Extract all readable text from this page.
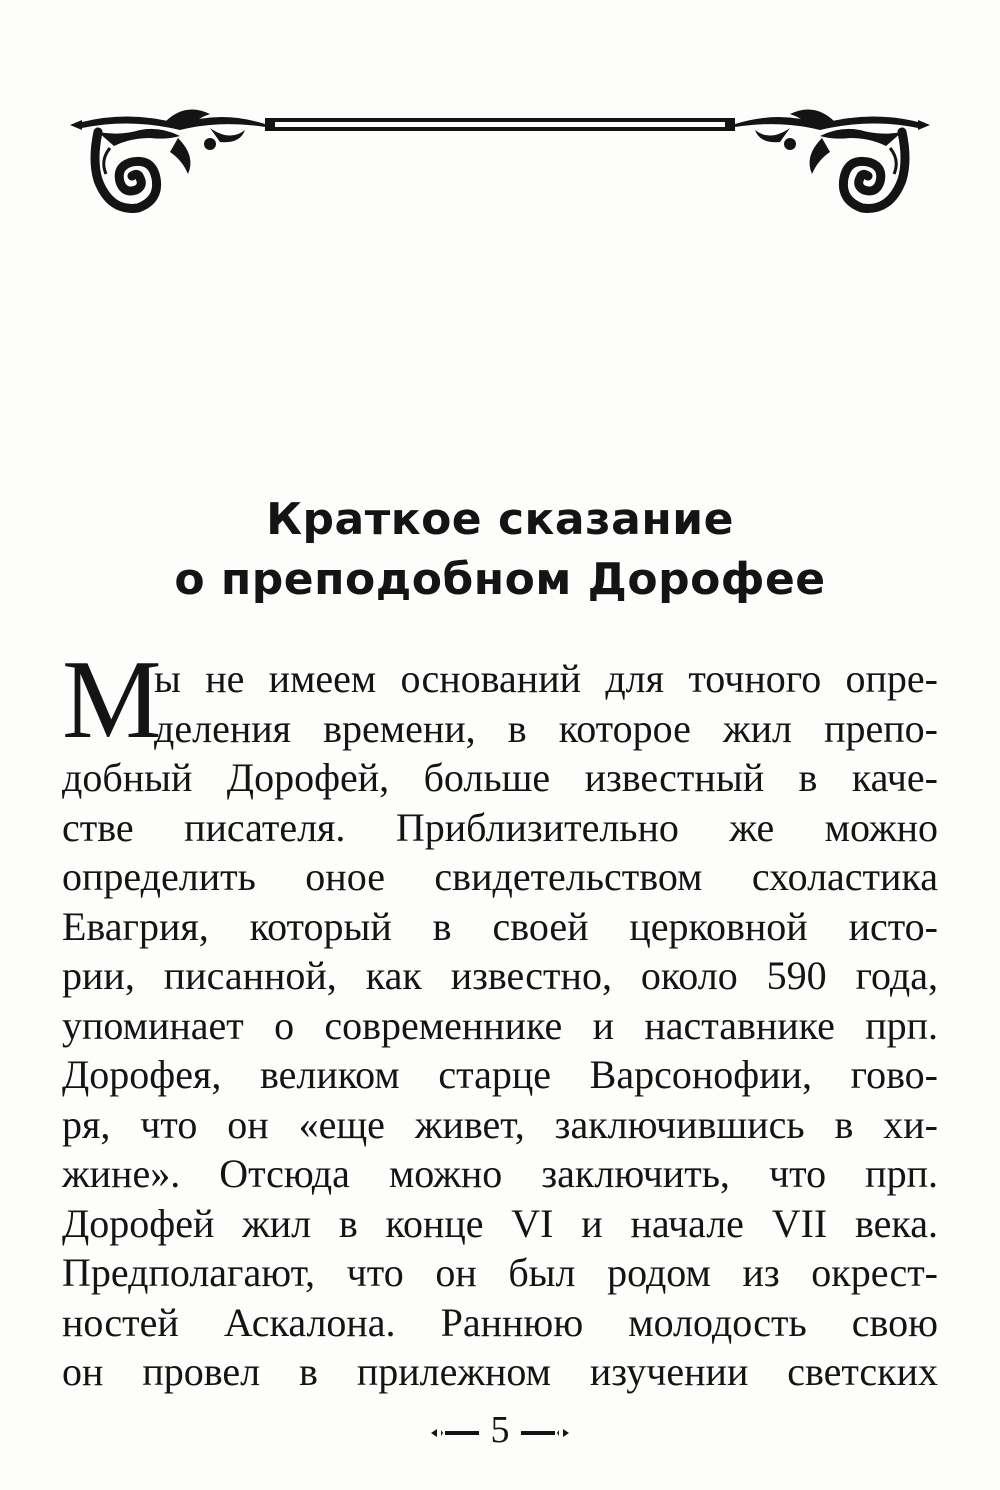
Краткое сказание
о преподобном Дорофее
М
ы не имеем оснований для точного опре-
деления времени, в которое жил препо-
добный Дорофей, больше известный в каче-
стве писателя. Приблизительно же можно
определить оное свидетельством схоластика
Евагрия, который в своей церковной исто-
рии, писанной, как известно, около 590 года,
упоминает о современнике и наставнике прп.
Дорофея, великом старце Варсонофии, гово-
ря, что он «еще живет, заключившись в хи-
жине». Отсюда можно заключить, что прп.
Дорофей жил в конце VI и начале VII века.
Предполагают, что он был родом из окрест-
ностей Аскалона. Раннюю молодость свою
он провел в прилежном изучении светских
5
